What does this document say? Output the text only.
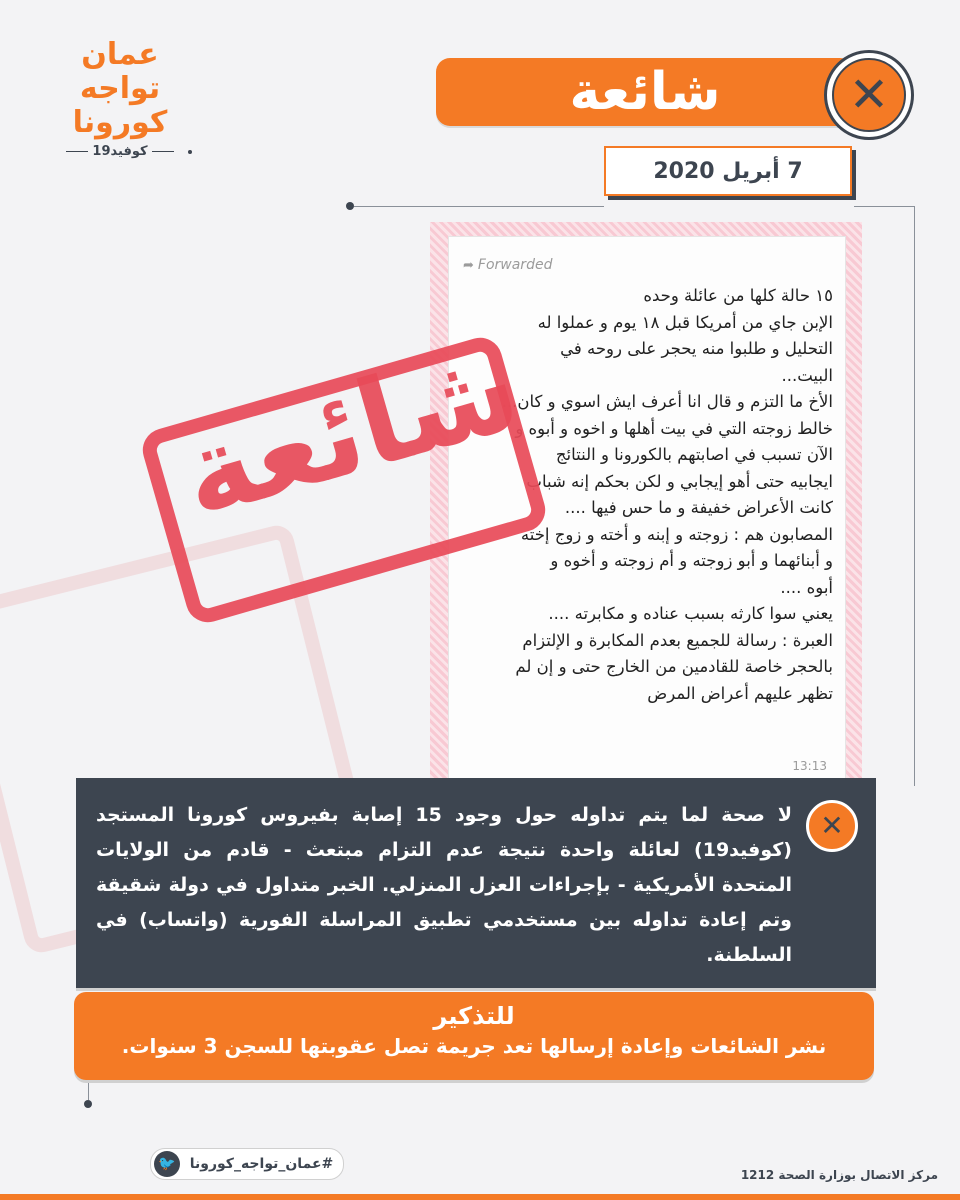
عمان
تواجه
كورونا
كوفيد19
شائعة	✕
7 أبريل 2020
➦ Forwarded
١٥ حالة كلها من عائلة وحده
الإبن جاي من أمريكا قبل ١٨ يوم و عملوا له
التحليل و طلبوا منه يحجر على روحه في
البيت...
الأخ ما التزم و قال انا أعرف ايش اسوي و كان...
خالط زوجته التي في بيت أهلها و اخوه و أبوه و
الآن تسبب في اصابتهم بالكورونا و النتائج
ايجابيه حتى أهو إيجابي و لكن بحكم إنه شباب
كانت الأعراض خفيفة و ما حس فيها ....
المصابون هم : زوجته و إبنه و أخته و زوج إخته
و أبنائهما و أبو زوجته و أم زوجته و أخوه و
أبوه ....
يعني سوا كارثه بسبب عناده و مكابرته ....
العبرة : رسالة للجميع بعدم المكابرة و الإلتزام
بالحجر خاصة للقادمين من الخارج حتى و إن لم
تظهر عليهم أعراض المرض
13:13
شائعة
✕
لا صحة لما يتم تداوله حول وجود 15 إصابة بفيروس كورونا المستجد (كوفيد19) لعائلة واحدة نتيجة عدم التزام مبتعث - قادم من الولايات المتحدة الأمريكية - بإجراءات العزل المنزلي. الخبر متداول في دولة شقيقة وتم إعادة تداوله بين مستخدمي تطبيق المراسلة الفورية (واتساب) في السلطنة.
للتذكير
نشر الشائعات وإعادة إرسالها تعد جريمة تصل عقوبتها للسجن 3 سنوات.
🐦	#عمان_تواجه_كورونا
مركز الاتصال بوزارة الصحة 1212
